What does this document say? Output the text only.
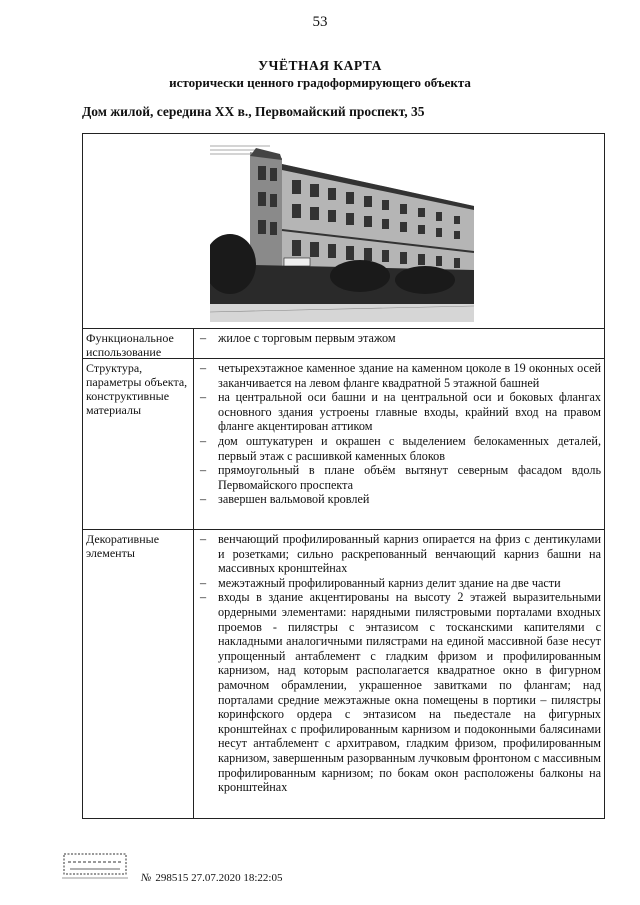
53
УЧЁТНАЯ КАРТА
исторически ценного градоформирующего объекта
Дом жилой, середина XX в., Первомайский проспект, 35
Функциональное использование
– жилое с торговым первым этажом
Структура, параметры объекта, конструктивные материалы
– четырехэтажное каменное здание на каменном цоколе в 19 оконных осей заканчивается на левом фланге квадратной 5 этажной башней
– на центральной оси башни и на центральной оси и боковых флангах основного здания устроены главные входы, крайний вход на правом фланге акцентирован аттиком
– дом оштукатурен и окрашен с выделением белокаменных деталей, первый этаж с расшивкой каменных блоков
– прямоугольный в плане объём вытянут северным фасадом вдоль Первомайского проспекта
– завершен вальмовой кровлей
Декоративные элементы
– венчающий профилированный карниз опирается на фриз с дентикулами и розетками; сильно раскрепованный венчающий карниз башни на массивных кронштейнах
– межэтажный профилированный карниз делит здание на две части
– входы в здание акцентированы на высоту 2 этажей выразительными ордерными элементами: нарядными пилястровыми порталами входных проемов - пилястры с энтазисом с тосканскими капителями с накладными аналогичными пилястрами на единой массивной базе несут упрощенный антаблемент с гладким фризом и профилированным карнизом, над которым располагается квадратное окно в фигурном рамочном обрамлении, украшенное завитками по флангам; над порталами средние межэтажные окна помещены в портики – пилястры коринфского ордера с энтазисом на пьедестале на фигурных кронштейнах с профилированным карнизом и подоконными балясинами несут антаблемент с архитравом, гладким фризом, профилированным карнизом, завершенным разорванным лучковым фронтоном с массивным профилированным карнизом; по бокам окон расположены балконы на кронштейнах
№ 298515 27.07.2020 18:22:05
